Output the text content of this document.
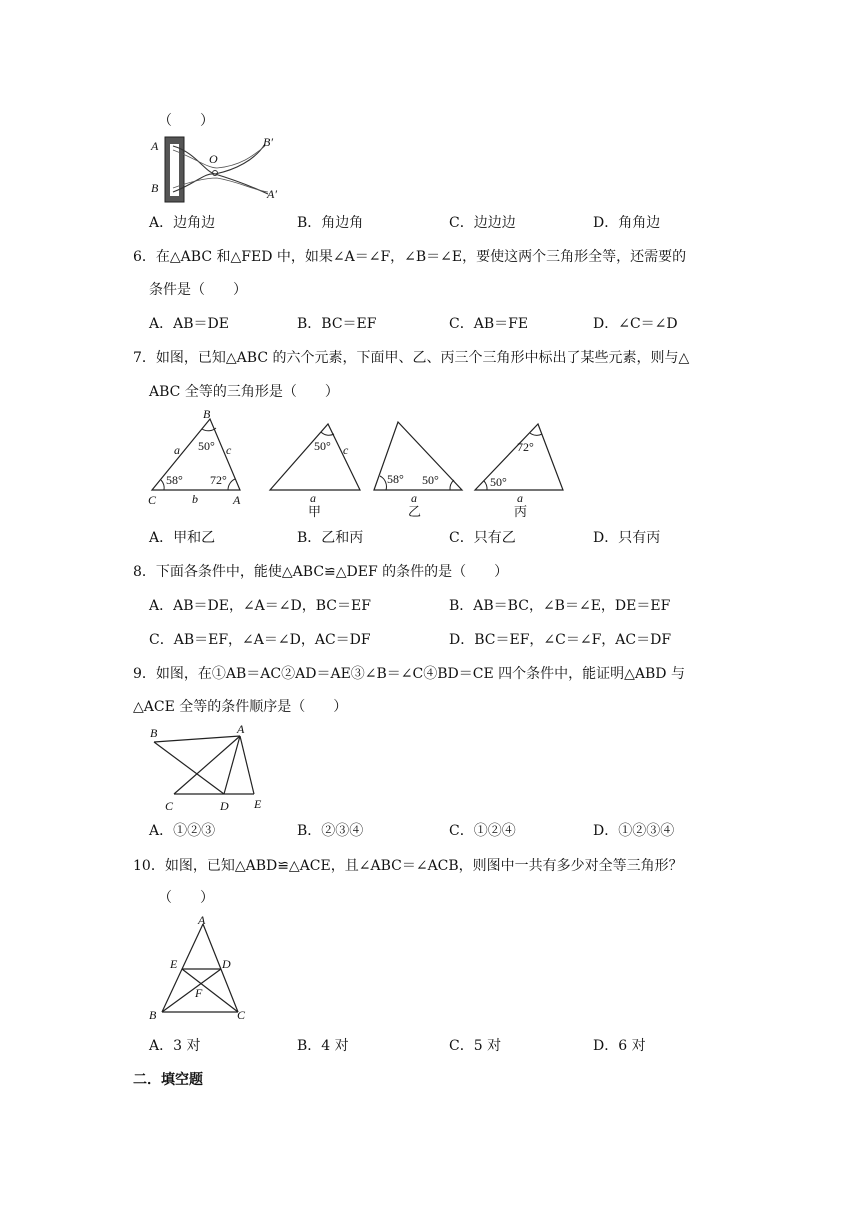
（　　）
A
B
O
B′
A′
A．边角边	B．角边角	C．边边边	D．角角边
6．在△ABC 和△FED 中，如果∠A＝∠F，∠B＝∠E，要使这两个三角形全等，还需要的
条件是（　　）
A．AB＝DE	B．BC＝EF	C．AB＝FE	D．∠C＝∠D
7．如图，已知△ABC 的六个元素，下面甲、乙、丙三个三角形中标出了某些元素，则与△
ABC 全等的三角形是（　　）
B
C	A
a
b
c
50°
58° 72°
50° c
a
甲
58° 50°
a
乙
72°
50°
a
丙
A．甲和乙	B．乙和丙	C．只有乙	D．只有丙
8．下面各条件中，能使△ABC≌△DEF 的条件的是（　　）
A．AB＝DE，∠A＝∠D，BC＝EF	B．AB＝BC，∠B＝∠E，DE＝EF
C．AB＝EF，∠A＝∠D，AC＝DF	D．BC＝EF，∠C＝∠F，AC＝DF
9．如图，在①AB＝AC②AD＝AE③∠B＝∠C④BD＝CE 四个条件中，能证明△ABD 与
△ACE 全等的条件顺序是（　　）
B	A
C	D E
A．①②③	B．②③④	C．①②④	D．①②③④
10．如图，已知△ABD≌△ACE，且∠ABC＝∠ACB，则图中一共有多少对全等三角形？
（　　）
A
E	D
F
B	C
A．3 对	B．4 对	C．5 对	D．6 对
二．填空题
